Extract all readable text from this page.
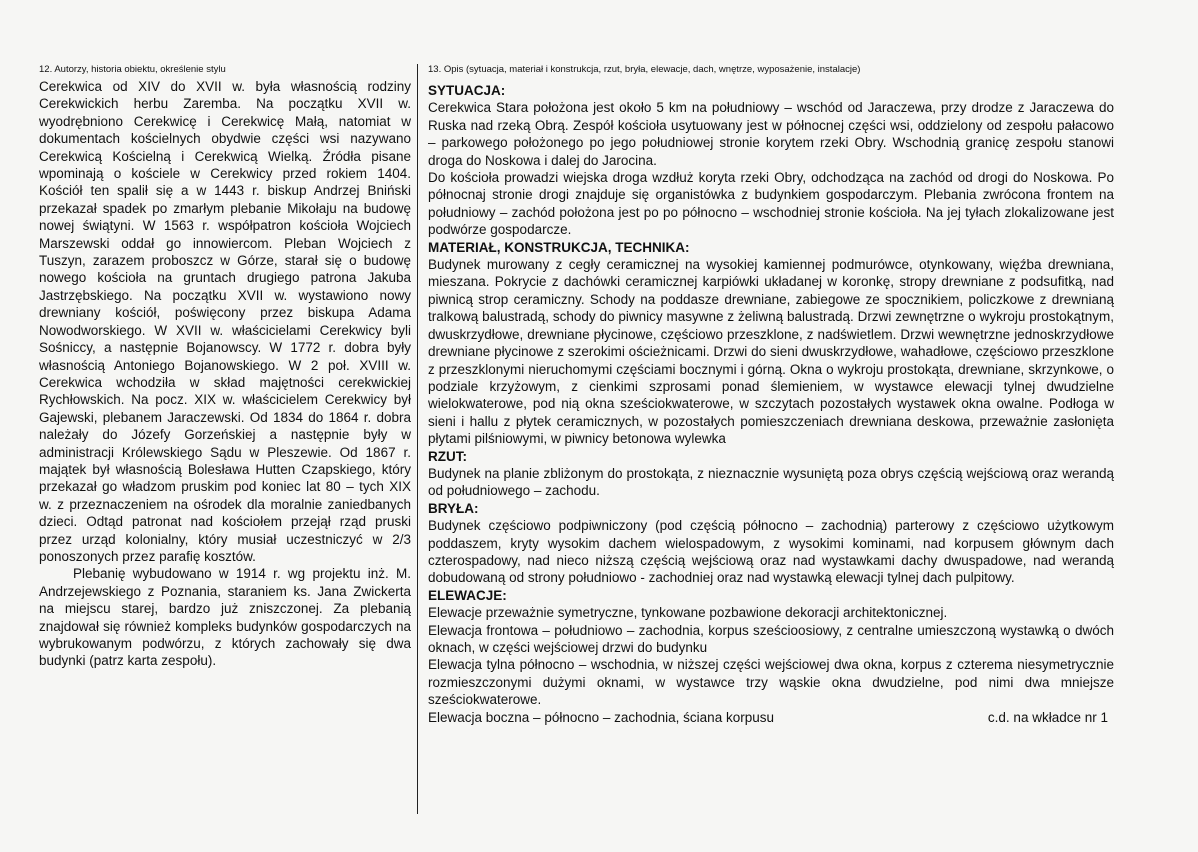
12. Autorzy, historia obiektu, określenie stylu

Cerekwica od XIV do XVII w. była własnością rodziny Cerekwickich herbu Zaremba. Na początku XVII w. wyodrębniono Cerekwicę i Cerekwicę Małą, natomiat w dokumentach kościelnych obydwie części wsi nazywano Cerekwicą Kościelną i Cerekwicą Wielką. Źródła pisane wpominają o kościele w Cerekwicy przed rokiem 1404. Kościół ten spalił się a w 1443 r. biskup Andrzej Bniński przekazał spadek po zmarłym plebanie Mikołaju na budowę nowej świątyni. W 1563 r. współpatron kościoła Wojciech Marszewski oddał go innowiercom. Pleban Wojciech z Tuszyn, zarazem proboszcz w Górze, starał się o budowę nowego kościoła na gruntach drugiego patrona Jakuba Jastrzębskiego. Na początku XVII w. wystawiono nowy drewniany kościół, poświęcony przez biskupa Adama Nowodworskiego. W XVII w. właścicielami Cerekwicy byli Sośniccy, a następnie Bojanowscy. W 1772 r. dobra były własnością Antoniego Bojanowskiego. W 2 poł. XVIII w. Cerekwica wchodziła w skład majętności cerekwickiej Rychłowskich. Na pocz. XIX w. właścicielem Cerekwicy był Gajewski, plebanem Jaraczewski. Od 1834 do 1864 r. dobra należały do Józefy Gorzeńskiej a następnie były w administracji Królewskiego Sądu w Pleszewie. Od 1867 r. majątek był własnością Bolesława Hutten Czapskiego, który przekazał go władzom pruskim pod koniec lat 80 – tych XIX w. z przeznaczeniem na ośrodek dla moralnie zaniedbanych dzieci. Odtąd patronat nad kościołem przejął rząd pruski przez urząd kolonialny, który musiał uczestniczyć w 2/3 ponoszonych przez parafię kosztów.

Plebanię wybudowano w 1914 r. wg projektu inż. M. Andrzejewskiego z Poznania, staraniem ks. Jana Zwickerta na miejscu starej, bardzo już zniszczonej. Za plebanią znajdował się również kompleks budynków gospodarczych na wybrukowanym podwórzu, z których zachowały się dwa budynki (patrz karta zespołu).

13. Opis (sytuacja, materiał i konstrukcja, rzut, bryła, elewacje, dach, wnętrze, wyposażenie, instalacje)
SYTUACJA:

Cerekwica Stara położona jest około 5 km na południowy – wschód od Jaraczewa, przy drodze z Jaraczewa do Ruska nad rzeką Obrą. Zespół kościoła usytuowany jest w północnej części wsi, oddzielony od zespołu pałacowo – parkowego położonego po jego południowej stronie korytem rzeki Obry. Wschodnią granicę zespołu stanowi droga do Noskowa i dalej do Jarocina.

Do kościoła prowadzi wiejska droga wzdłuż koryta rzeki Obry, odchodząca na zachód od drogi do Noskowa. Po północnaj stronie drogi znajduje się organistówka z budynkiem gospodarczym. Plebania zwrócona frontem na południowy – zachód położona jest po po północno – wschodniej stronie kościoła. Na jej tyłach zlokalizowane jest podwórze gospodarcze.

MATERIAŁ, KONSTRUKCJA, TECHNIKA:

Budynek murowany z cegły ceramicznej na wysokiej kamiennej podmurówce, otynkowany, więźba drewniana, mieszana. Pokrycie z dachówki ceramicznej karpiówki układanej w koronkę, stropy drewniane z podsufitką, nad piwnicą strop ceramiczny. Schody na poddasze drewniane, zabiegowe ze spocznikiem, policzkowe z drewnianą tralkową balustradą, schody do piwnicy masywne z żeliwną balustradą. Drzwi zewnętrzne o wykroju prostokątnym, dwuskrzydłowe, drewniane płycinowe, częściowo przeszklone, z nadświetlem. Drzwi wewnętrzne jednoskrzydłowe drewniane płycinowe z szerokimi ościeżnicami. Drzwi do sieni dwuskrzydłowe, wahadłowe, częściowo przeszklone z przeszklonymi nieruchomymi częściami bocznymi i górną. Okna o wykroju prostokąta, drewniane, skrzynkowe, o podziale krzyżowym, z cienkimi szprosami ponad ślemieniem, w wystawce elewacji tylnej dwudzielne wielokwaterowe, pod nią okna sześciokwaterowe, w szczytach pozostałych wystawek okna owalne. Podłoga w sieni i hallu z płytek ceramicznych, w pozostałych pomieszczeniach drewniana deskowa, przeważnie zasłonięta płytami pilśniowymi, w piwnicy betonowa wylewka

RZUT:

Budynek na planie zbliżonym do prostokąta, z nieznacznie wysuniętą poza obrys częścią wejściową oraz werandą od południowego – zachodu.

BRYŁA:

Budynek częściowo podpiwniczony (pod częścią północno – zachodnią) parterowy z częściowo użytkowym poddaszem, kryty wysokim dachem wielospadowym, z wysokimi kominami, nad korpusem głównym dach czterospadowy, nad nieco niższą częścią wejściową oraz nad wystawkami dachy dwuspadowe, nad werandą dobudowaną od strony południowo - zachodniej oraz nad wystawką elewacji tylnej dach pulpitowy.

ELEWACJE:

Elewacje przeważnie symetryczne, tynkowane pozbawione dekoracji architektonicznej.

Elewacja frontowa – południowo – zachodnia, korpus sześcioosiowy, z centralne umieszczoną wystawką o dwóch oknach, w części wejściowej drzwi do budynku

Elewacja tylna północno – wschodnia, w niższej części wejściowej dwa okna, korpus z czterema niesymetrycznie rozmieszczonymi dużymi oknami, w wystawce trzy wąskie okna dwudzielne, pod nimi dwa mniejsze sześciokwaterowe.

Elewacja boczna – północno – zachodnia, ściana korpusu	c.d. na wkładce nr 1
